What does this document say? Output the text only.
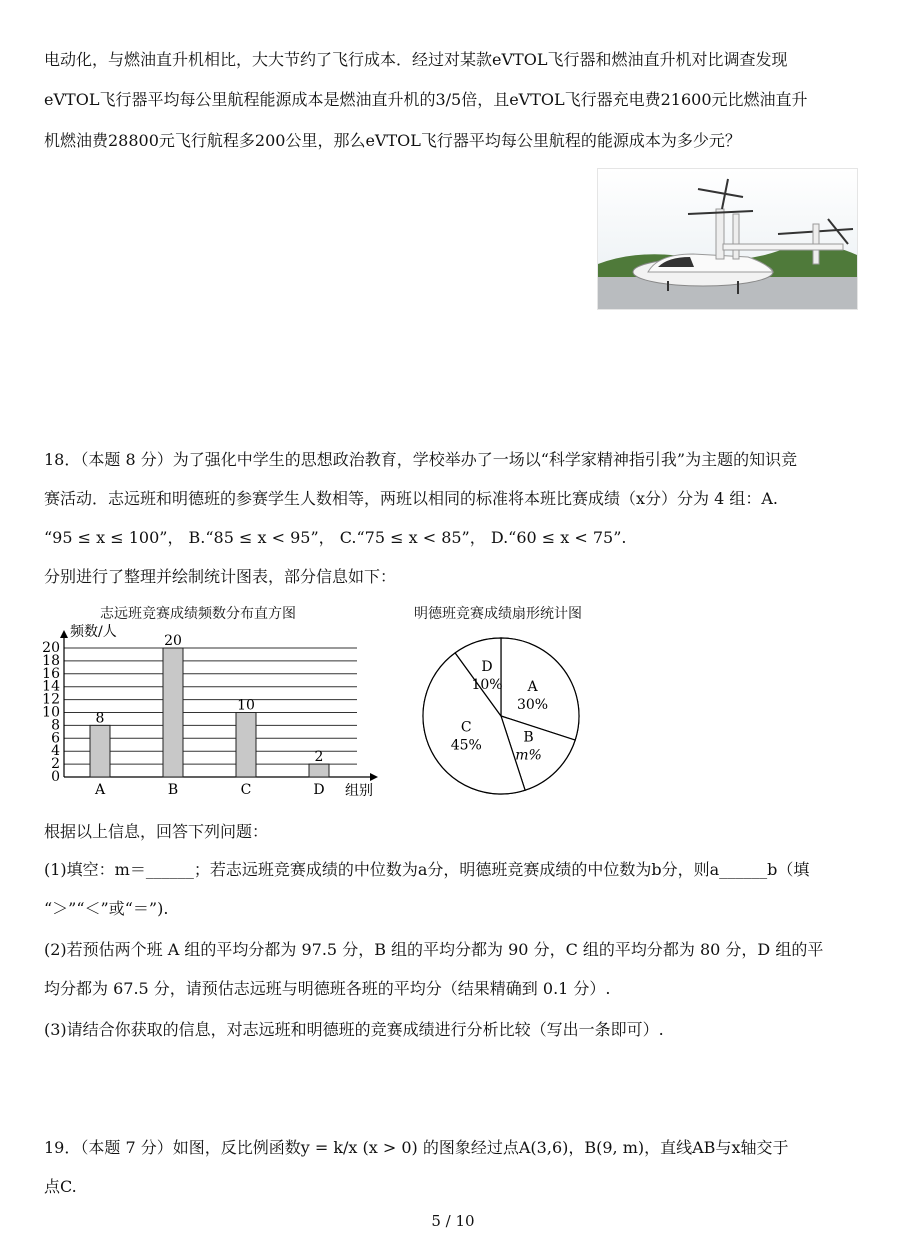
电动化，与燃油直升机相比，大大节约了飞行成本．经过对某款eVTOL飞行器和燃油直升机对比调查发现
eVTOL飞行器平均每公里航程能源成本是燃油直升机的3/5倍，且eVTOL飞行器充电费21600元比燃油直升
机燃油费28800元飞行航程多200公里，那么eVTOL飞行器平均每公里航程的能源成本为多少元？
18．（本题 8 分）为了强化中学生的思想政治教育，学校举办了一场以“科学家精神指引我”为主题的知识竞
赛活动．志远班和明德班的参赛学生人数相等，两班以相同的标准将本班比赛成绩（x分）分为 4 组：A.
“95 ≤ x ≤ 100”， B.“85 ≤ x < 95”， C.“75 ≤ x < 85”， D.“60 ≤ x < 75”.
分别进行了整理并绘制统计图表，部分信息如下：
志远班竞赛成绩频数分布直方图	明德班竞赛成绩扇形统计图
0
2
4
6
8
10
12
14
16
18
20
频数/人
组别
8
A
20
B
10
C
2
D
A
30%
B
m%
C
45%
D
10%
根据以上信息，回答下列问题：
(1)填空：m＝______；若志远班竞赛成绩的中位数为a分，明德班竞赛成绩的中位数为b分，则a______b（填
“＞”“＜”或“＝”).
(2)若预估两个班 A 组的平均分都为 97.5 分，B 组的平均分都为 90 分，C 组的平均分都为 80 分，D 组的平
均分都为 67.5 分，请预估志远班与明德班各班的平均分（结果精确到 0.1 分）.
(3)请结合你获取的信息，对志远班和明德班的竞赛成绩进行分析比较（写出一条即可）.
19．（本题 7 分）如图，反比例函数y = k/x (x > 0) 的图象经过点A(3,6)，B(9, m)，直线AB与x轴交于
点C.
5 / 10
